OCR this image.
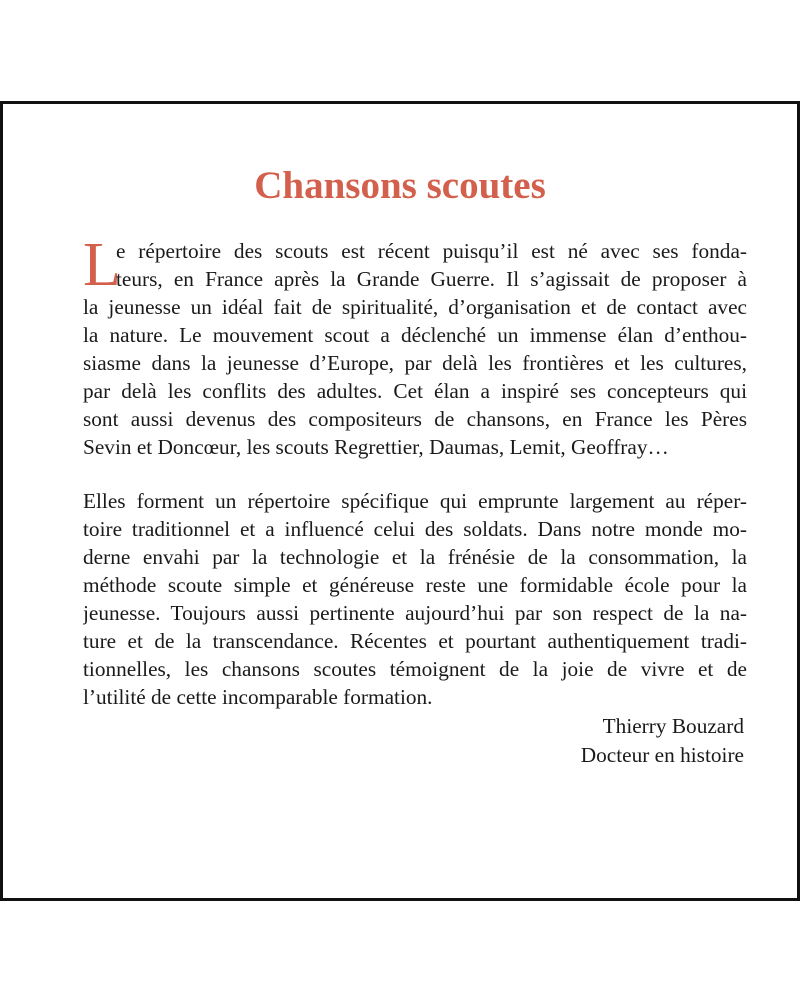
Chansons scoutes
L
e répertoire des scouts est récent puisqu’il est né avec ses fonda-
teurs, en France après la Grande Guerre. Il s’agissait de proposer à
la jeunesse un idéal fait de spiritualité, d’organisation et de contact avec
la nature. Le mouvement scout a déclenché un immense élan d’enthou-
siasme dans la jeunesse d’Europe, par delà les frontières et les cultures,
par delà les conflits des adultes. Cet élan a inspiré ses concepteurs qui
sont aussi devenus des compositeurs de chansons, en France les Pères
Sevin et Doncœur, les scouts Regrettier, Daumas, Lemit, Geoffray…
Elles forment un répertoire spécifique qui emprunte largement au réper-
toire traditionnel et a influencé celui des soldats. Dans notre monde mo-
derne envahi par la technologie et la frénésie de la consommation, la
méthode scoute simple et généreuse reste une formidable école pour la
jeunesse. Toujours aussi pertinente aujourd’hui par son respect de la na-
ture et de la transcendance. Récentes et pourtant authentiquement tradi-
tionnelles, les chansons scoutes témoignent de la joie de vivre et de
l’utilité de cette incomparable formation.
Thierry Bouzard
Docteur en histoire
